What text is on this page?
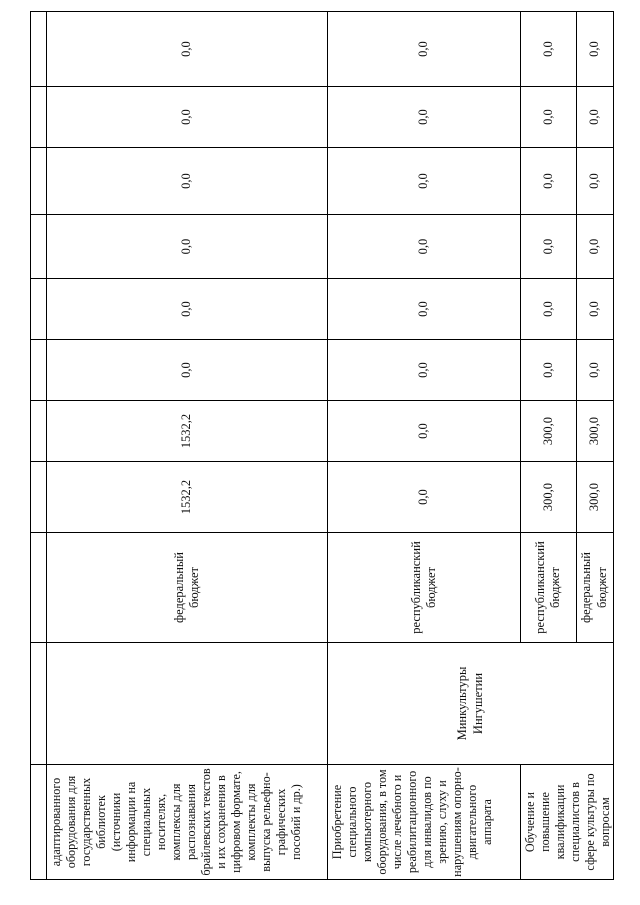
адаптированного оборудования для государственных библиотек (источники информации на специальных носителях, комплексы для распознавания брайлевских текстов и их сохранения в цифровом формате, комплекты для выпуска рельефно-графических пособий и др.)		федеральный бюджет	1532,2	1532,2	0,0	0,0	0,0	0,0	0,0	0,0
Приобретение специального компьютерного оборудования, в том числе лечебного и реабилитационного для инвалидов по зрению, слуху и нарушениям опорно-двигательного аппарата	Минкультуры Ингушетии	республиканский бюджет	0,0	0,0	0,0	0,0	0,0	0,0	0,0	0,0
Обучение и повышение квалификации специалистов в сфере культуры по вопросам		республиканский бюджет	300,0	300,0	0,0	0,0	0,0	0,0	0,0	0,0
		федеральный бюджет	300,0	300,0	0,0	0,0	0,0	0,0	0,0	0,0
